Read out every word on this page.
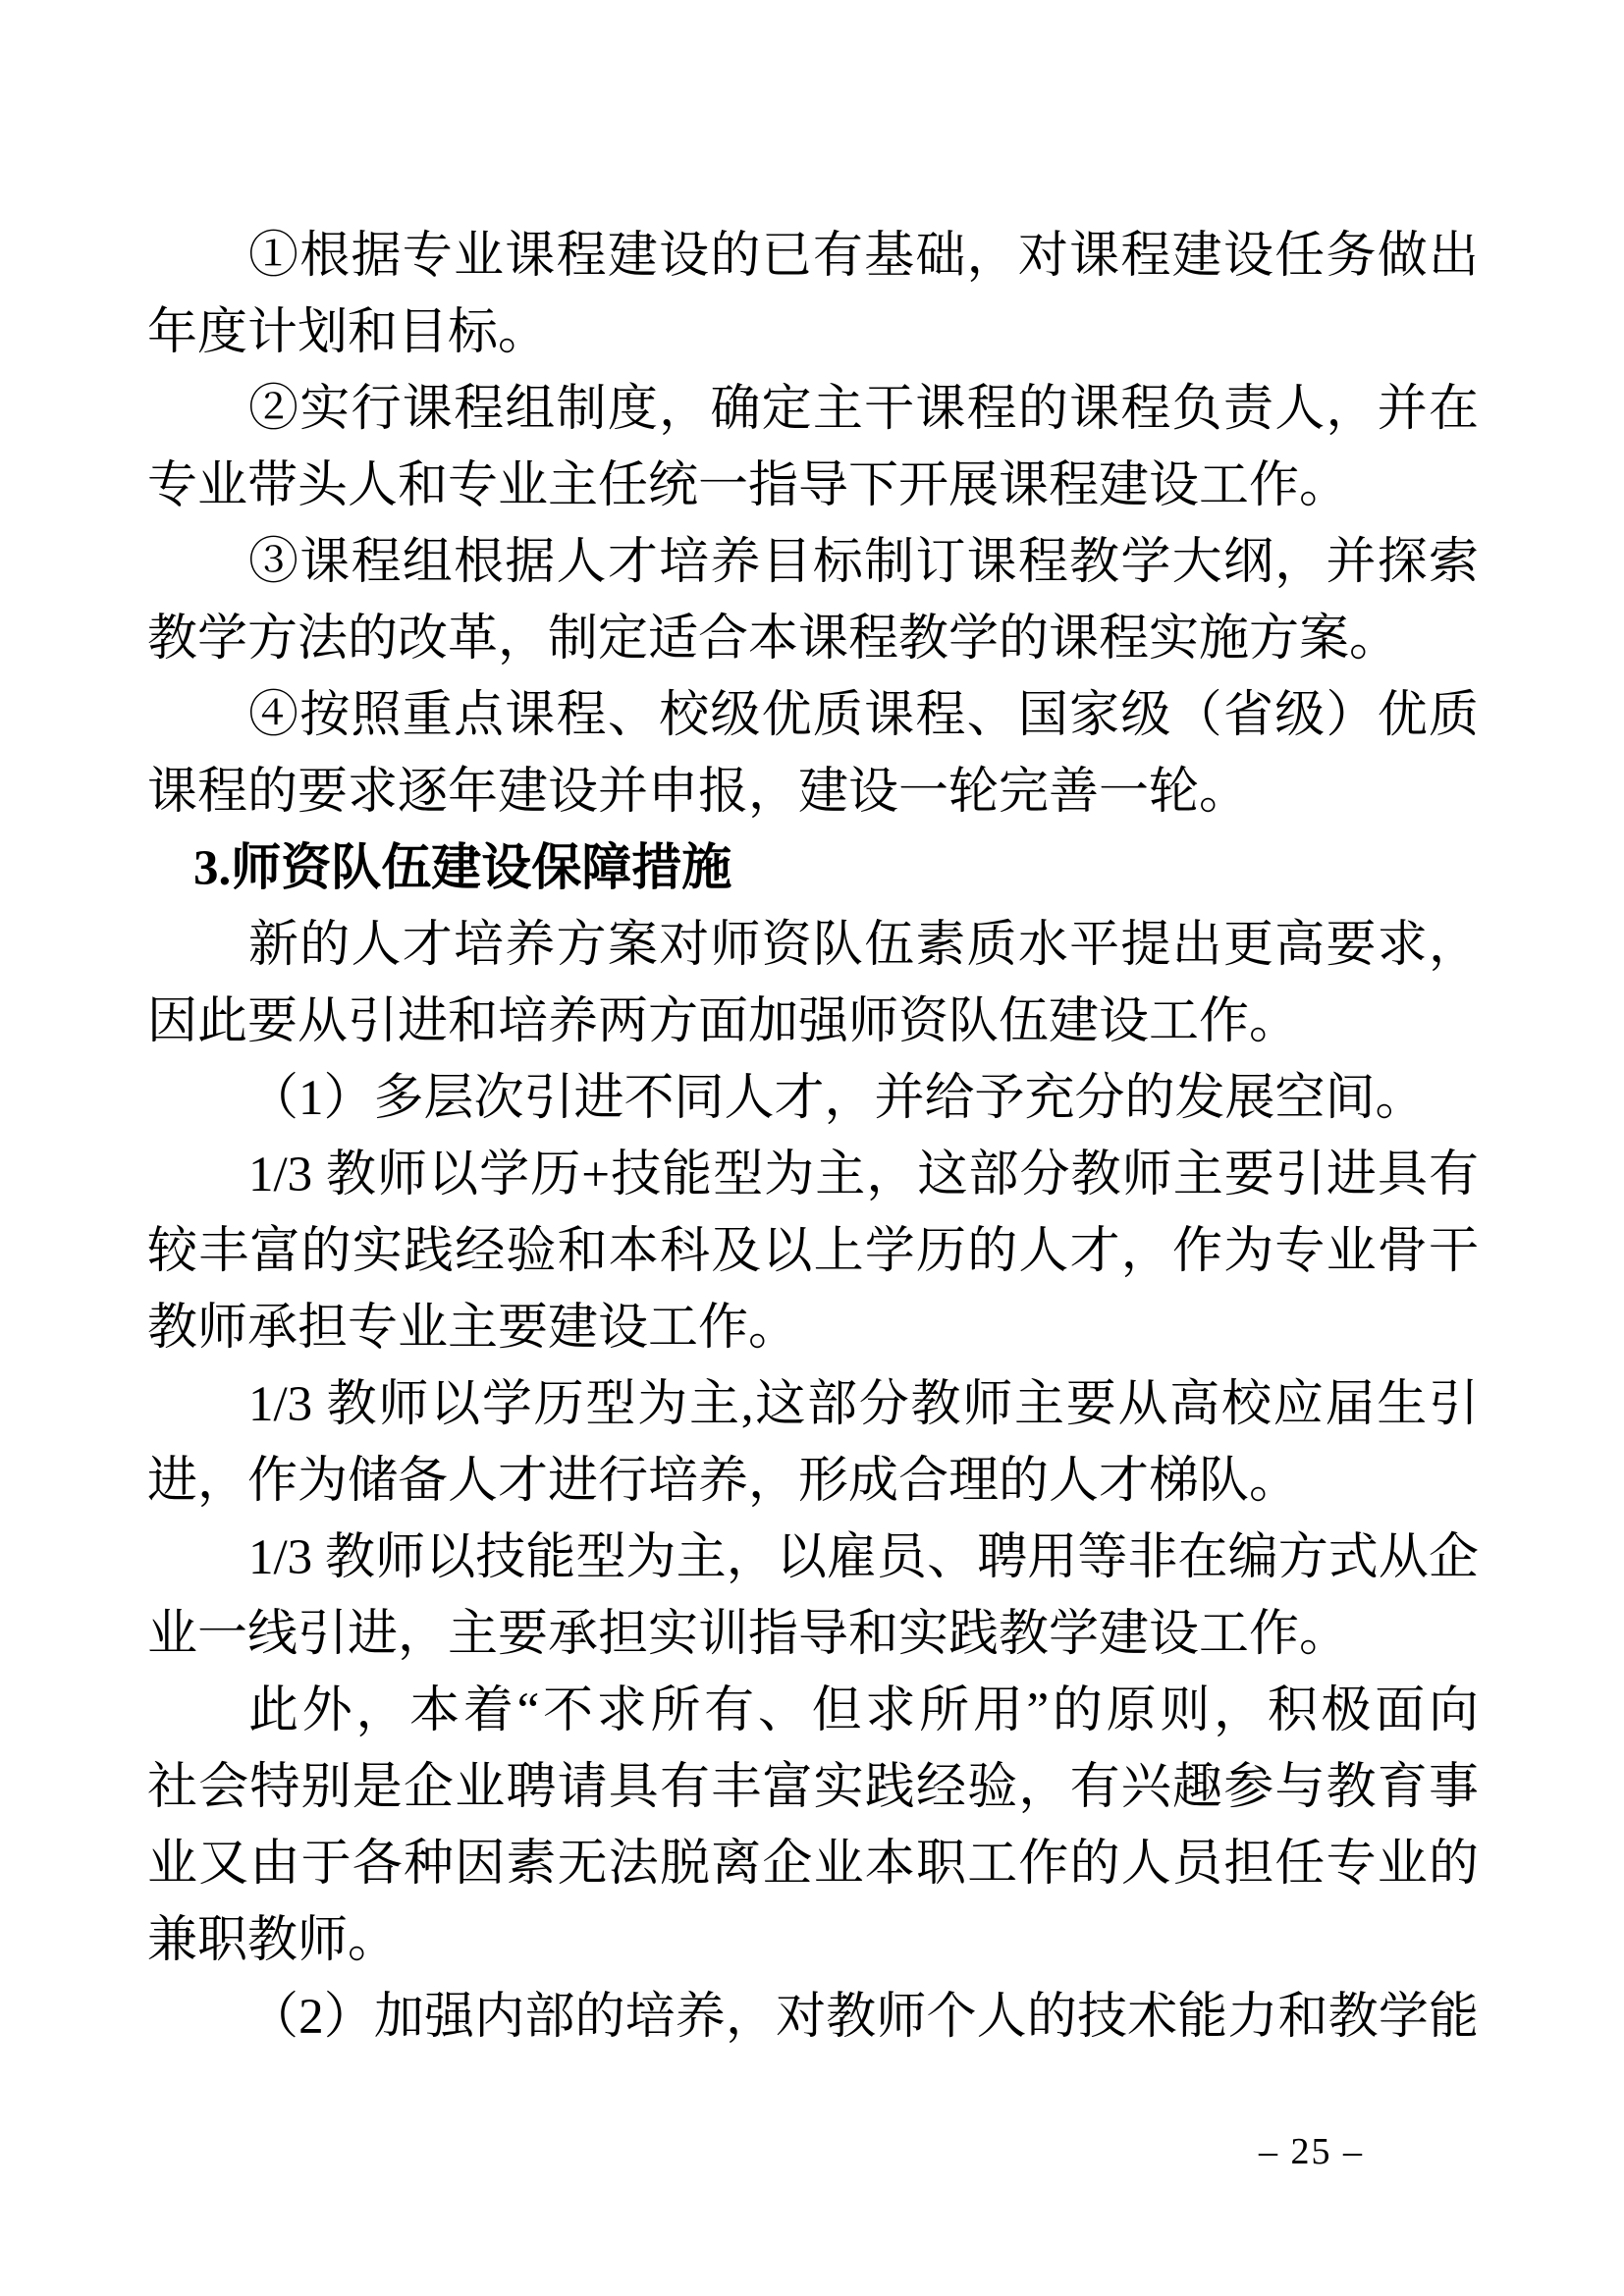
①根据专业课程建设的已有基础，对课程建设任务做出

年度计划和目标。

②实行课程组制度，确定主干课程的课程负责人，并在

专业带头人和专业主任统一指导下开展课程建设工作。

③课程组根据人才培养目标制订课程教学大纲，并探索

教学方法的改革，制定适合本课程教学的课程实施方案。

④按照重点课程、校级优质课程、国家级（省级）优质

课程的要求逐年建设并申报，建设一轮完善一轮。

3.师资队伍建设保障措施

新的人才培养方案对师资队伍素质水平提出更高要求，

因此要从引进和培养两方面加强师资队伍建设工作。

（1）多层次引进不同人才，并给予充分的发展空间。

1/3 教师以学历+技能型为主，这部分教师主要引进具有

较丰富的实践经验和本科及以上学历的人才，作为专业骨干

教师承担专业主要建设工作。

1/3 教师以学历型为主,这部分教师主要从高校应届生引

进，作为储备人才进行培养，形成合理的人才梯队。

1/3 教师以技能型为主，以雇员、聘用等非在编方式从企

业一线引进，主要承担实训指导和实践教学建设工作。

此外，本着“不求所有、但求所用”的原则，积极面向

社会特别是企业聘请具有丰富实践经验，有兴趣参与教育事

业又由于各种因素无法脱离企业本职工作的人员担任专业的

兼职教师。

（2）加强内部的培养，对教师个人的技术能力和教学能

– 25 –
